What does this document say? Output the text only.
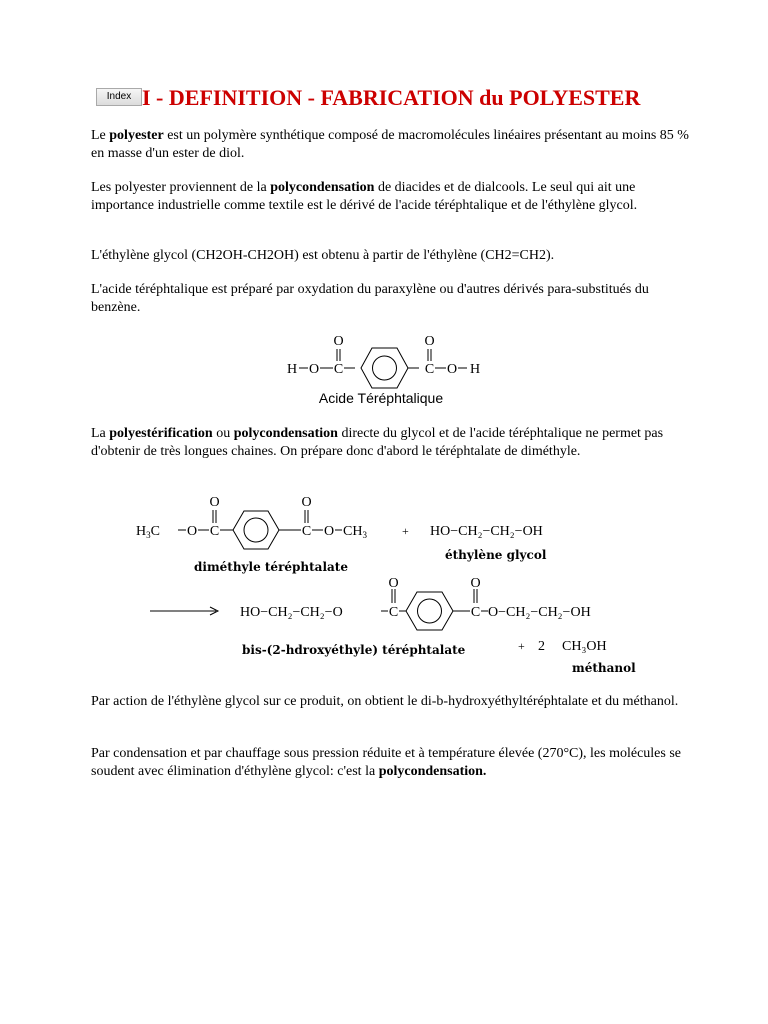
Index I - DEFINITION - FABRICATION du POLYESTER

Le polyester est un polymère synthétique composé de macromolécules linéaires présentant au moins 85 % en masse d'un ester de diol.

Les polyester proviennent de la polycondensation de diacides et de dialcools. Le seul qui ait une importance industrielle comme textile est le dérivé de l'acide téréphtalique et de l'éthylène glycol.

L'éthylène glycol (CH2OH-CH2OH) est obtenu à partir de l'éthylène (CH2=CH2).

L'acide téréphtalique est préparé par oxydation du paraxylène ou d'autres dérivés para-substitués du benzène.

H O
O
C
O
C O H
Acide Téréphtalique

La polyestérification ou polycondensation directe du glycol et de l'acide téréphtalique ne permet pas d'obtenir de très longues chaines. On prépare donc d'abord le téréphtalate de diméthyle.

$H_3C$ O
O
C
O
C O $CH_3$	+ HO−CH₂−CH₂−OH
diméthyle téréphtalate
éthylène glycol
HO−CH₂−CH₂−O
O
C
O
C O−CH₂−CH₂−OH
bis-(2-hdroxyéthyle) téréphtalate	+ 2 CH₃OH
méthanol

Par action de l'éthylène glycol sur ce produit, on obtient le di-b-hydroxyéthyltéréphtalate et du méthanol.

Par condensation et par chauffage sous pression réduite et à température élevée (270°C), les molécules se soudent avec élimination d'éthylène glycol: c'est la polycondensation.
